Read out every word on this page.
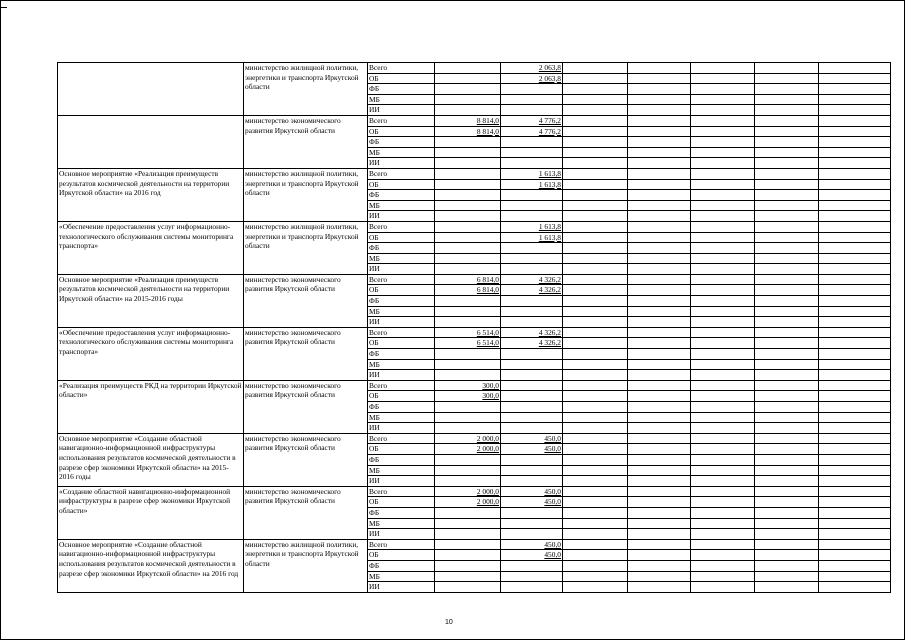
	министерство жилищной политики, энергетики и транспорта Иркутской области	Всего		2 063,8					
		ОБ		2 063,8					
		ФБ							
		МБ							
		ИИ							
	министерство экономического развития Иркутской области	Всего	8 814,0	4 776,2					
		ОБ	8 814,0	4 776,2					
		ФБ							
		МБ							
		ИИ							
Основное мероприятие «Реализация преимуществ результатов космической деятельности на территории Иркутской области» на 2016 год	министерство жилищной политики, энергетики и транспорта Иркутской области	Всего		1 613,8					
		ОБ		1 613,8					
		ФБ							
		МБ							
		ИИ							
«Обеспечение предоставления услуг информационно-технологического обслуживания системы мониторинга транспорта»	министерство жилищной политики, энергетики и транспорта Иркутской области	Всего		1 613,8					
		ОБ		1 613,8					
		ФБ							
		МБ							
		ИИ							
Основное мероприятие «Реализация преимуществ результатов космической деятельности на территории Иркутской области» на 2015-2016 годы	министерство экономического развития Иркутской области	Всего	6 814,0	4 326,2					
		ОБ	6 814,0	4 326,2					
		ФБ							
		МБ							
		ИИ							
«Обеспечение предоставления услуг информационно-технологического обслуживания системы мониторинга транспорта»	министерство экономического развития Иркутской области	Всего	6 514,0	4 326,2					
		ОБ	6 514,0	4 326,2					
		ФБ							
		МБ							
		ИИ							
«Реализация преимуществ РКД на территории Иркутской области»	министерство экономического развития Иркутской области	Всего	300,0						
		ОБ	300,0						
		ФБ							
		МБ							
		ИИ							
Основное мероприятие «Создание областной навигационно-информационной инфраструктуры использования результатов космической деятельности в разрезе сфер экономики Иркутской области» на 2015-2016 годы	министерство экономического развития Иркутской области	Всего	2 000,0	450,0					
		ОБ	2 000,0	450,0					
		ФБ							
		МБ							
		ИИ							
«Создание областной навигационно-информационной инфраструктуры в разрезе сфер экономики Иркутской области»	министерство экономического развития Иркутской области	Всего	2 000,0	450,0					
		ОБ	2 000,0	450,0					
		ФБ							
		МБ							
		ИИ							
Основное мероприятие «Создание областной навигационно-информационной инфраструктуры использования результатов космической деятельности в разрезе сфер экономики Иркутской области» на 2016 год	министерство жилищной политики, энергетики и транспорта Иркутской области	Всего		450,0					
		ОБ		450,0					
		ФБ							
		МБ							
		ИИ							
10
